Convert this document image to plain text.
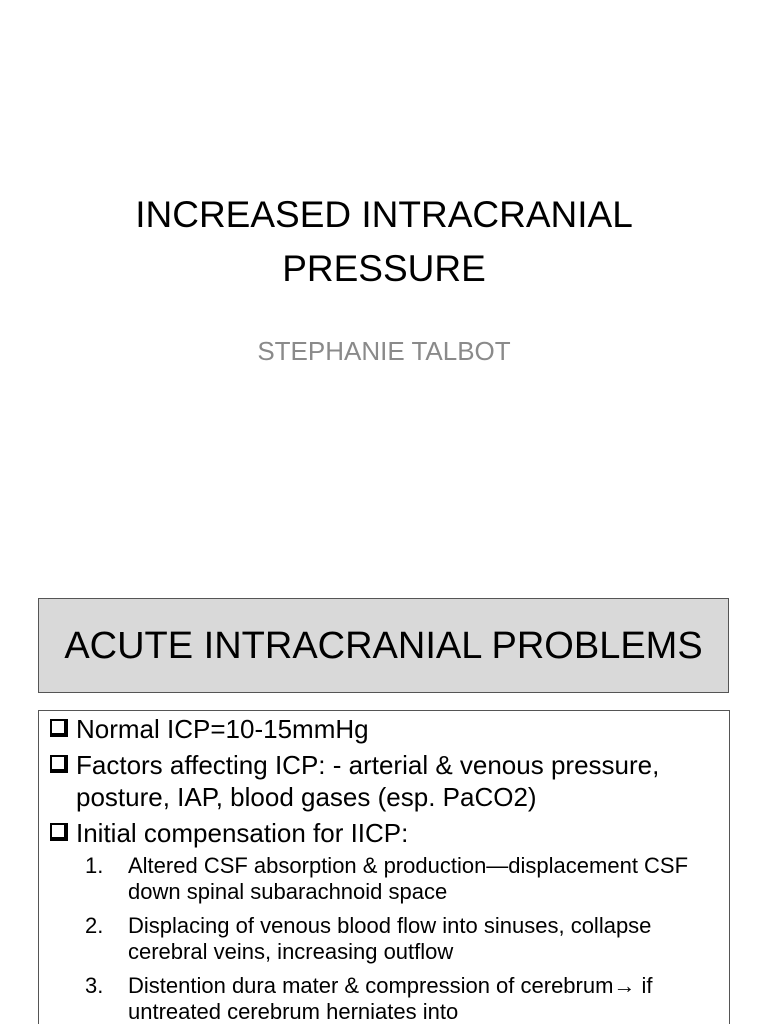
INCREASED INTRACRANIAL
PRESSURE

STEPHANIE TALBOT

ACUTE INTRACRANIAL PROBLEMS
Normal ICP=10-15mmHg
Factors affecting ICP: - arterial & venous pressure, posture, IAP, blood gases (esp. PaCO2)
Initial compensation for IICP:
1. Altered CSF absorption & production—displacement CSF down spinal subarachnoid space
2. Displacing of venous blood flow into sinuses, collapse cerebral veins, increasing outflow
3. Distention dura mater & compression of cerebrum→ if untreated cerebrum herniates into
